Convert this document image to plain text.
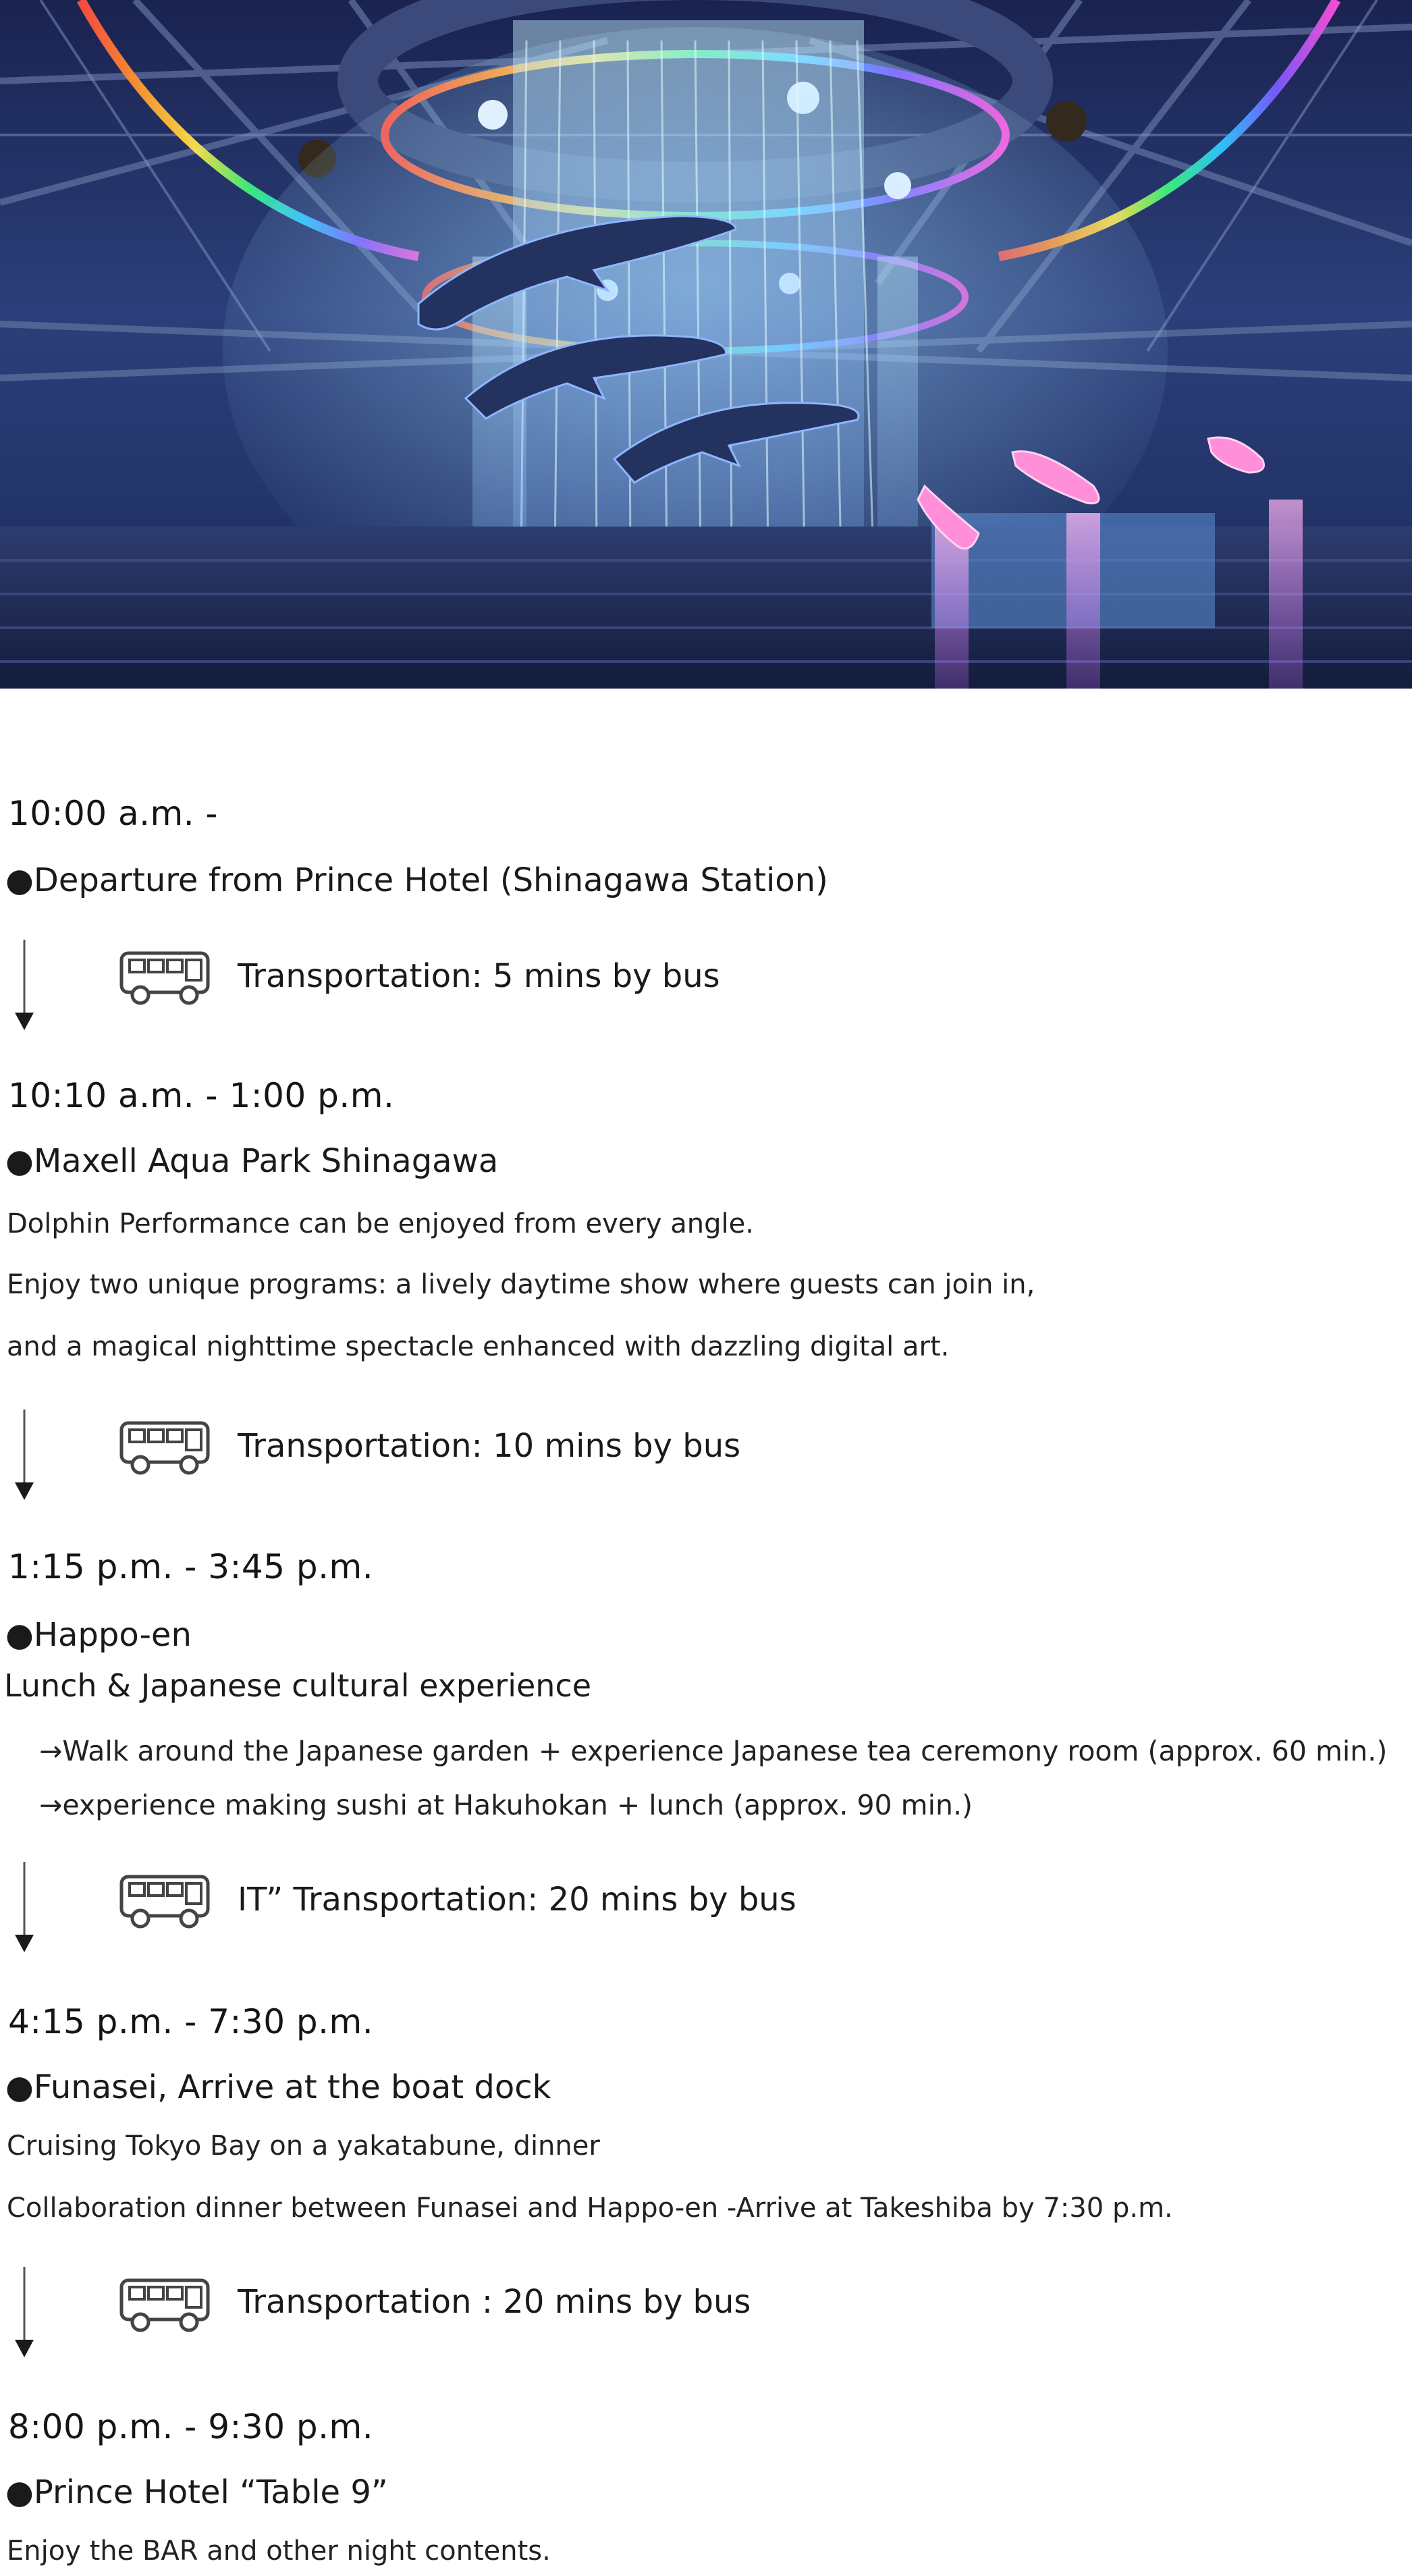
10:00 a.m. -
●Departure from Prince Hotel (Shinagawa Station)
Transportation: 5 mins by bus
10:10 a.m. - 1:00 p.m.
●Maxell Aqua Park Shinagawa
Dolphin Performance can be enjoyed from every angle.
Enjoy two unique programs: a lively daytime show where guests can join in,
and a magical nighttime spectacle enhanced with dazzling digital art.
Transportation: 10 mins by bus
1:15 p.m. - 3:45 p.m.
●Happo-en
Lunch & Japanese cultural experience
→Walk around the Japanese garden + experience Japanese tea ceremony room (approx. 60 min.)
→experience making sushi at Hakuhokan + lunch (approx. 90 min.)
IT” Transportation: 20 mins by bus
4:15 p.m. - 7:30 p.m.
●Funasei, Arrive at the boat dock
Cruising Tokyo Bay on a yakatabune, dinner
Collaboration dinner between Funasei and Happo-en -Arrive at Takeshiba by 7:30 p.m.
Transportation : 20 mins by bus
8:00 p.m. - 9:30 p.m.
●Prince Hotel “Table 9”
Enjoy the BAR and other night contents.
